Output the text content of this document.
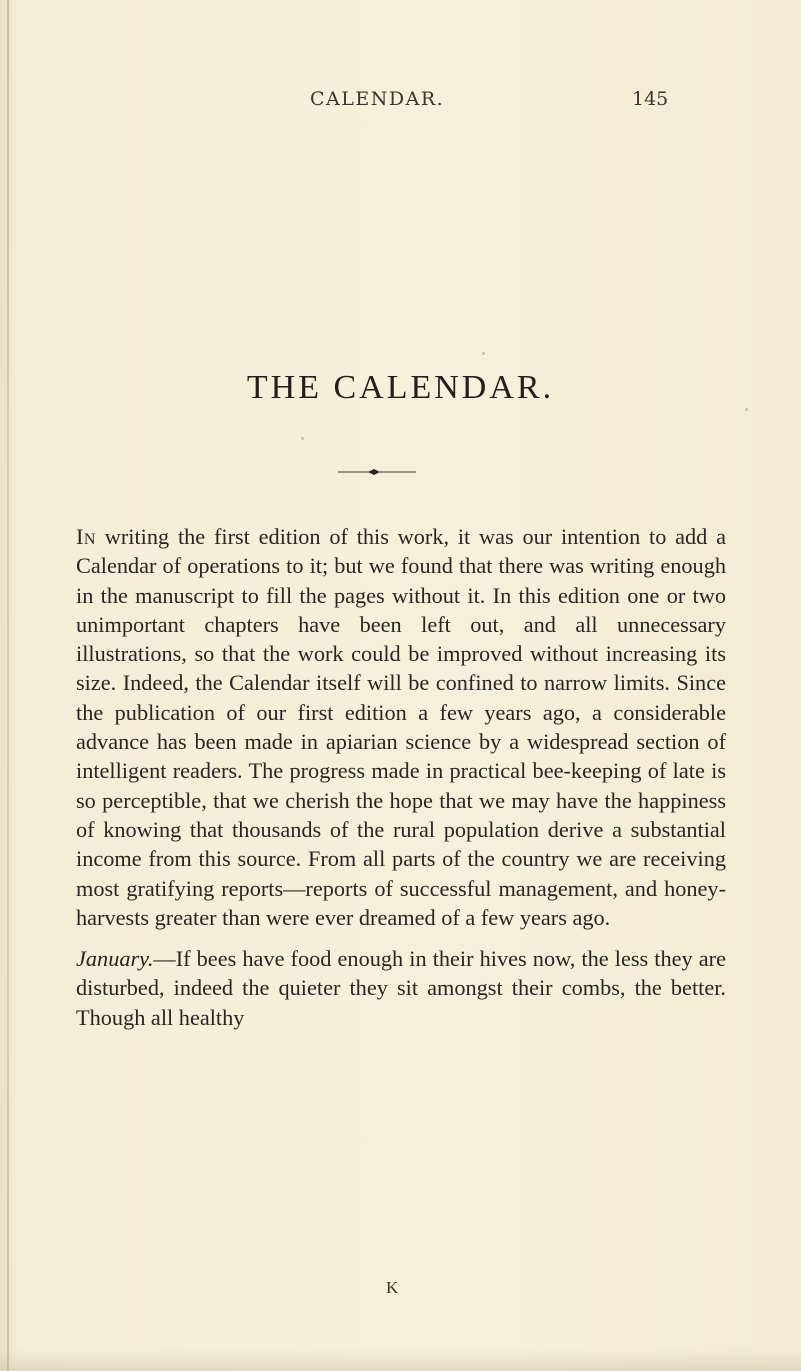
CALENDAR.	145
THE CALENDAR.

In writing the first edition of this work, it was our intention to add a Calendar of operations to it; but we found that there was writing enough in the manuscript to fill the pages without it. In this edition one or two unimportant chapters have been left out, and all unnecessary illustrations, so that the work could be improved without increasing its size. Indeed, the Calendar itself will be confined to narrow limits. Since the publication of our first edition a few years ago, a considerable advance has been made in apiarian science by a widespread section of intelligent readers. The progress made in practical bee-keeping of late is so perceptible, that we cherish the hope that we may have the happiness of knowing that thousands of the rural population derive a substantial income from this source. From all parts of the country we are receiving most gratifying reports—reports of successful management, and honey-harvests greater than were ever dreamed of a few years ago.

January.—If bees have food enough in their hives now, the less they are disturbed, indeed the quieter they sit amongst their combs, the better. Though all healthy

K
